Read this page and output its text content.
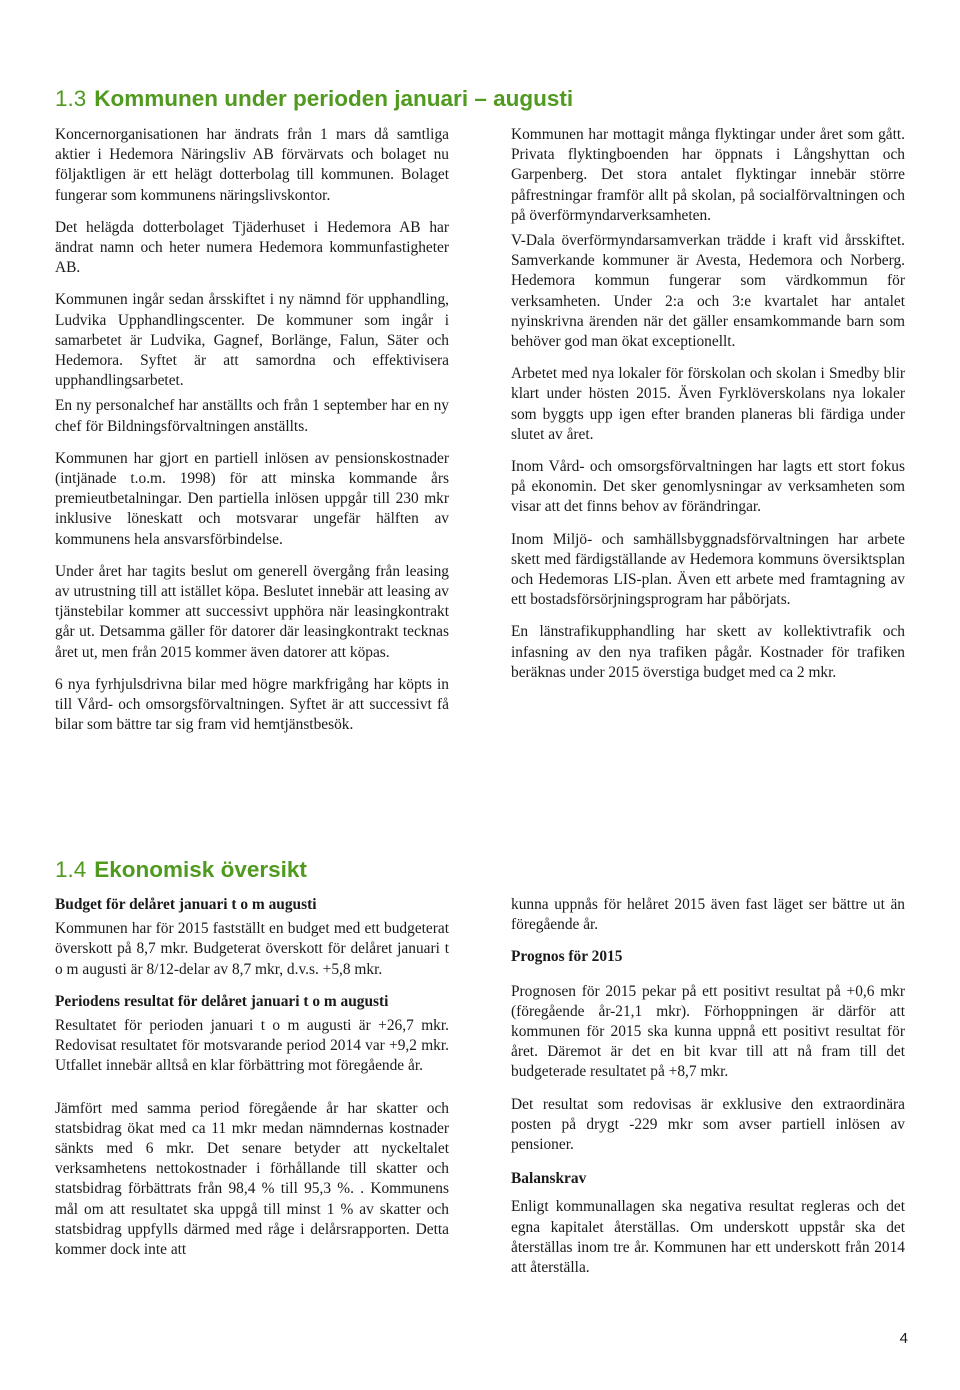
1.3 Kommunen under perioden januari – augusti

Koncernorganisationen har ändrats från 1 mars då samtliga aktier i Hedemora Näringsliv AB förvärvats och bolaget nu följaktligen är ett helägt dotterbolag till kommunen. Bolaget fungerar som kommunens näringslivskontor.

Det helägda dotterbolaget Tjäderhuset i Hedemora AB har ändrat namn och heter numera Hedemora kommunfastigheter AB.

Kommunen ingår sedan årsskiftet i ny nämnd för upphandling, Ludvika Upphandlingscenter. De kommuner som ingår i samarbetet är Ludvika, Gagnef, Borlänge, Falun, Säter och Hedemora. Syftet är att samordna och effektivisera upphandlingsarbetet.

En ny personalchef har anställts och från 1 september har en ny chef för Bildningsförvaltningen anställts.

Kommunen har gjort en partiell inlösen av pensionskostnader (intjänade t.o.m. 1998) för att minska kommande års premieutbetalningar. Den partiella inlösen uppgår till 230 mkr inklusive löneskatt och motsvarar ungefär hälften av kommunens hela ansvarsförbindelse.

Under året har tagits beslut om generell övergång från leasing av utrustning till att istället köpa. Beslutet innebär att leasing av tjänstebilar kommer att successivt upphöra när leasingkontrakt går ut. Detsamma gäller för datorer där leasingkontrakt tecknas året ut, men från 2015 kommer även datorer att köpas.

6 nya fyrhjulsdrivna bilar med högre markfrigång har köpts in till Vård- och omsorgsförvaltningen. Syftet är att successivt få bilar som bättre tar sig fram vid hemtjänstbesök.

Kommunen har mottagit många flyktingar under året som gått. Privata flyktingboenden har öppnats i Långshyttan och Garpenberg. Det stora antalet flyktingar innebär större påfrestningar framför allt på skolan, på socialförvaltningen och på överförmyndarverksamheten.

V-Dala överförmyndarsamverkan trädde i kraft vid årsskiftet. Samverkande kommuner är Avesta, Hedemora och Norberg. Hedemora kommun fungerar som värdkommun för verksamheten. Under 2:a och 3:e kvartalet har antalet nyinskrivna ärenden när det gäller ensamkommande barn som behöver god man ökat exceptionellt.

Arbetet med nya lokaler för förskolan och skolan i Smedby blir klart under hösten 2015. Även Fyrklöverskolans nya lokaler som byggts upp igen efter branden planeras bli färdiga under slutet av året.

Inom Vård- och omsorgsförvaltningen har lagts ett stort fokus på ekonomin. Det sker genomlysningar av verksamheten som visar att det finns behov av förändringar.

Inom Miljö- och samhällsbyggnadsförvaltningen har arbete skett med färdigställande av Hedemora kommuns översiktsplan och Hedemoras LIS-plan. Även ett arbete med framtagning av ett bostadsförsörjningsprogram har påbörjats.

En länstrafikupphandling har skett av kollektivtrafik och infasning av den nya trafiken pågår. Kostnader för trafiken beräknas under 2015 överstiga budget med ca 2 mkr.

1.4 Ekonomisk översikt
Budget för delåret januari t o m augusti

Kommunen har för 2015 fastställt en budget med ett budgeterat överskott på 8,7 mkr. Budgeterat överskott för delåret januari t o m augusti är 8/12-delar av 8,7 mkr, d.v.s. +5,8 mkr.

Periodens resultat för delåret januari t o m augusti

Resultatet för perioden januari t o m augusti är +26,7 mkr. Redovisat resultatet för motsvarande period 2014 var +9,2 mkr. Utfallet innebär alltså en klar förbättring mot föregående år.

Jämfört med samma period föregående år har skatter och statsbidrag ökat med ca 11 mkr medan nämndernas kostnader sänkts med 6 mkr. Det senare betyder att nyckeltalet verksamhetens nettokostnader i förhållande till skatter och statsbidrag förbättrats från 98,4 % till 95,3 %. . Kommunens mål om att resultatet ska uppgå till minst 1 % av skatter och statsbidrag uppfylls därmed med råge i delårsrapporten. Detta kommer dock inte att

kunna uppnås för helåret 2015 även fast läget ser bättre ut än föregående år.

Prognos för 2015

Prognosen för 2015 pekar på ett positivt resultat på +0,6 mkr (föregående år-21,1 mkr). Förhoppningen är därför att kommunen för 2015 ska kunna uppnå ett positivt resultat för året. Däremot är det en bit kvar till att nå fram till det budgeterade resultatet på +8,7 mkr.

Det resultat som redovisas är exklusive den extraordinära posten på drygt -229 mkr som avser partiell inlösen av pensioner.

Balanskrav

Enligt kommunallagen ska negativa resultat regleras och det egna kapitalet återställas. Om underskott uppstår ska det återställas inom tre år. Kommunen har ett underskott från 2014 att återställa.

4
